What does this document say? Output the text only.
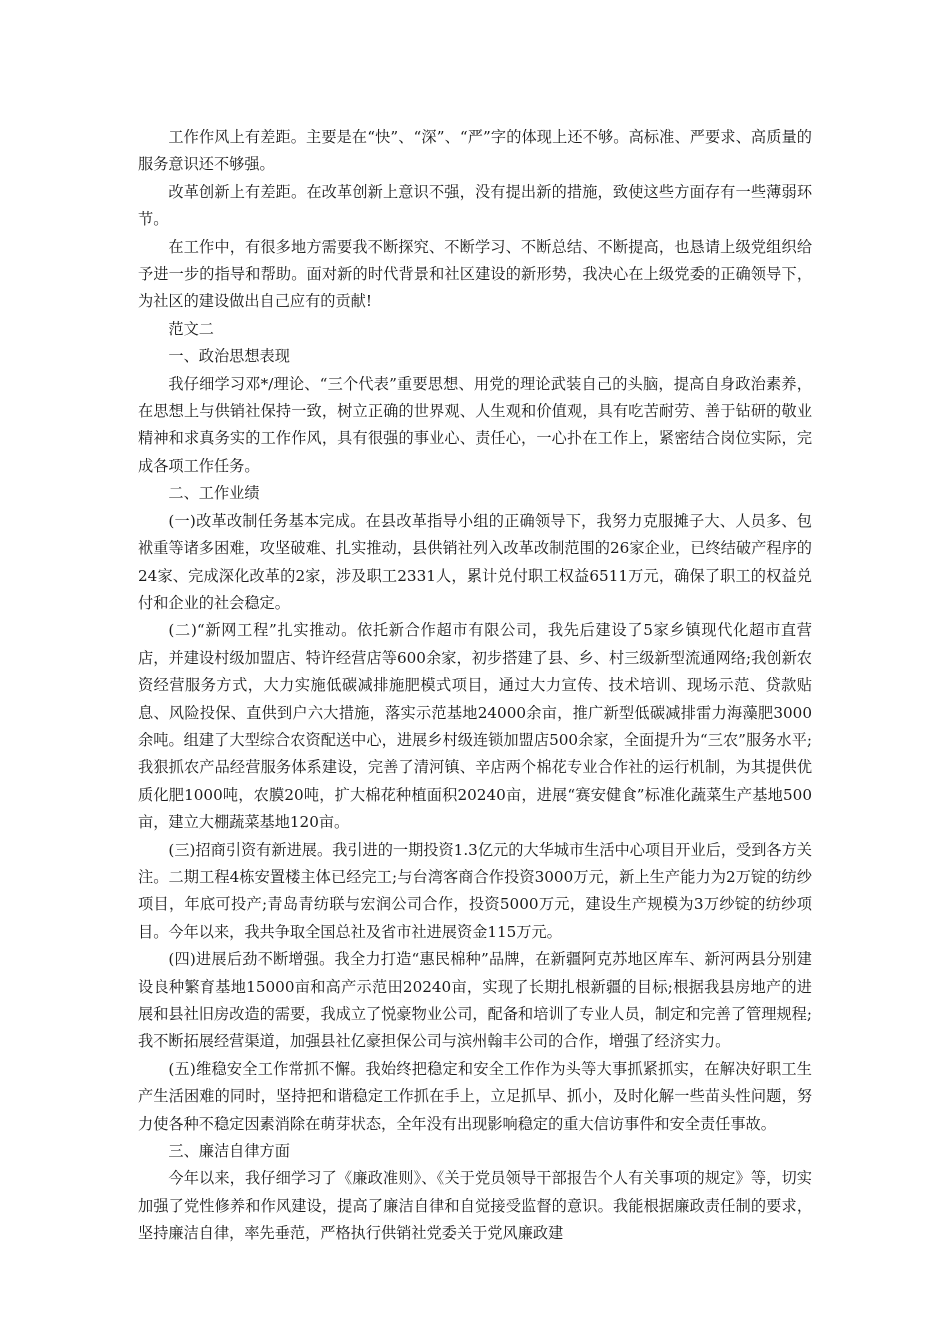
工作作风上有差距。主要是在“快”、“深”、“严”字的体现上还不够。高标准、严要求、高质量的服务意识还不够强。

改革创新上有差距。在改革创新上意识不强，没有提出新的措施，致使这些方面存有一些薄弱环节。

在工作中，有很多地方需要我不断探究、不断学习、不断总结、不断提高，也恳请上级党组织给予进一步的指导和帮助。面对新的时代背景和社区建设的新形势，我决心在上级党委的正确领导下，为社区的建设做出自己应有的贡献!

范文二

一、政治思想表现

我仔细学习邓*/理论、“三个代表”重要思想、用党的理论武装自己的头脑，提高自身政治素养，在思想上与供销社保持一致，树立正确的世界观、人生观和价值观，具有吃苦耐劳、善于钻研的敬业精神和求真务实的工作作风，具有很强的事业心、责任心，一心扑在工作上，紧密结合岗位实际，完成各项工作任务。

二、工作业绩

(一)改革改制任务基本完成。在县改革指导小组的正确领导下，我努力克服摊子大、人员多、包袱重等诸多困难，攻坚破难、扎实推动，县供销社列入改革改制范围的26家企业，已终结破产程序的24家、完成深化改革的2家，涉及职工2331人，累计兑付职工权益6511万元，确保了职工的权益兑付和企业的社会稳定。

(二)“新网工程”扎实推动。依托新合作超市有限公司，我先后建设了5家乡镇现代化超市直营店，并建设村级加盟店、特许经营店等600余家，初步搭建了县、乡、村三级新型流通网络;我创新农资经营服务方式，大力实施低碳减排施肥模式项目，通过大力宣传、技术培训、现场示范、贷款贴息、风险投保、直供到户六大措施，落实示范基地24000余亩，推广新型低碳减排雷力海藻肥3000余吨。组建了大型综合农资配送中心，进展乡村级连锁加盟店500余家，全面提升为“三农”服务水平;我狠抓农产品经营服务体系建设，完善了清河镇、辛店两个棉花专业合作社的运行机制，为其提供优质化肥1000吨，农膜20吨，扩大棉花种植面积20240亩，进展“赛安健食”标准化蔬菜生产基地500亩，建立大棚蔬菜基地120亩。

(三)招商引资有新进展。我引进的一期投资1.3亿元的大华城市生活中心项目开业后，受到各方关注。二期工程4栋安置楼主体已经完工;与台湾客商合作投资3000万元，新上生产能力为2万锭的纺纱项目，年底可投产;青岛青纺联与宏润公司合作，投资5000万元，建设生产规模为3万纱锭的纺纱项目。今年以来，我共争取全国总社及省市社进展资金115万元。

(四)进展后劲不断增强。我全力打造“惠民棉种”品牌，在新疆阿克苏地区库车、新河两县分别建设良种繁育基地15000亩和高产示范田20240亩，实现了长期扎根新疆的目标;根据我县房地产的进展和县社旧房改造的需要，我成立了悦豪物业公司，配备和培训了专业人员，制定和完善了管理规程;我不断拓展经营渠道，加强县社亿豪担保公司与滨州翰丰公司的合作，增强了经济实力。

(五)维稳安全工作常抓不懈。我始终把稳定和安全工作作为头等大事抓紧抓实，在解决好职工生产生活困难的同时，坚持把和谐稳定工作抓在手上，立足抓早、抓小，及时化解一些苗头性问题，努力使各种不稳定因素消除在萌芽状态，全年没有出现影响稳定的重大信访事件和安全责任事故。

三、廉洁自律方面

今年以来，我仔细学习了《廉政准则》、《关于党员领导干部报告个人有关事项的规定》等，切实加强了党性修养和作风建设，提高了廉洁自律和自觉接受监督的意识。我能根据廉政责任制的要求，坚持廉洁自律，率先垂范，严格执行供销社党委关于党风廉政建
